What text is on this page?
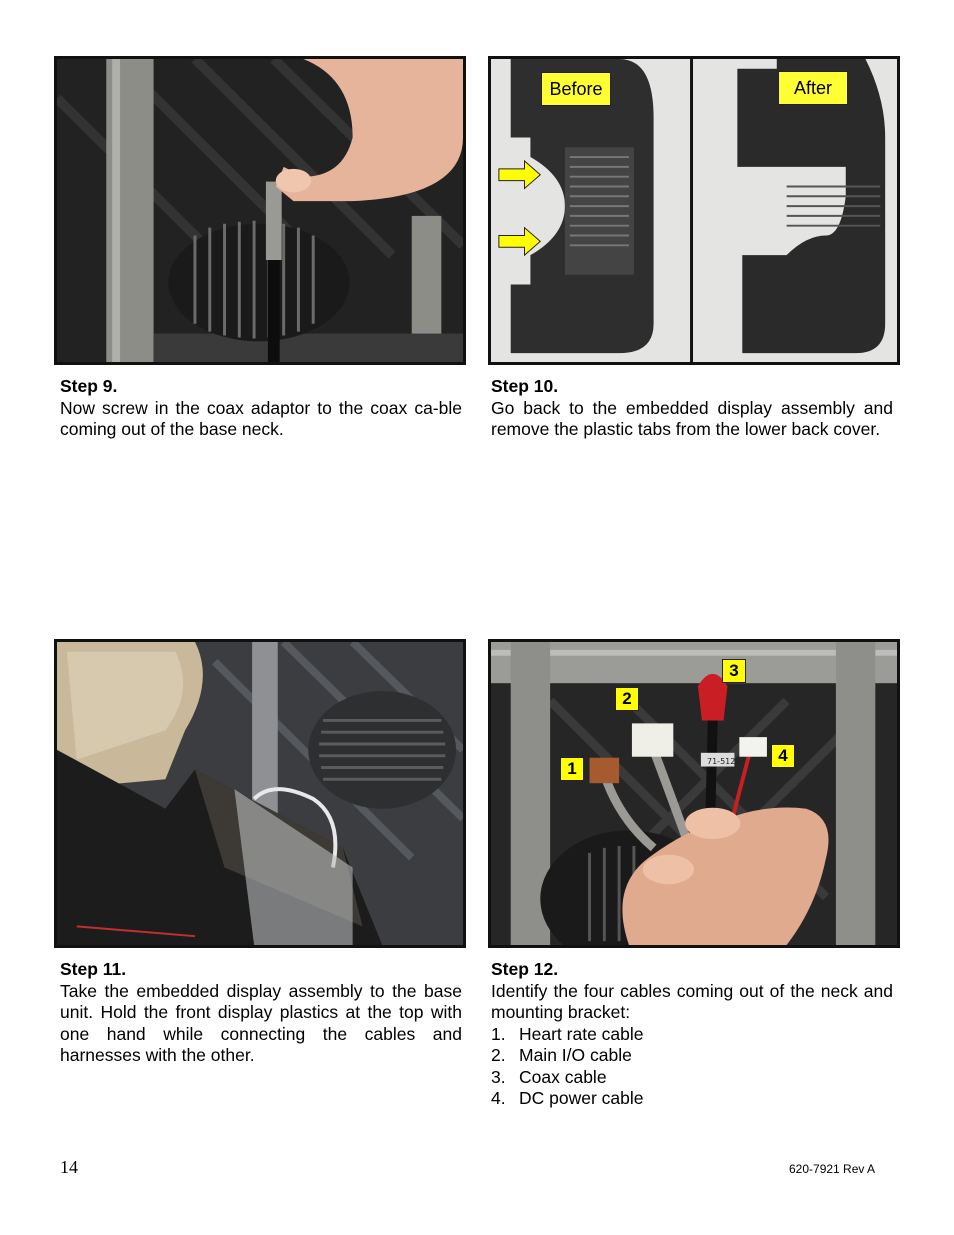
Before	After
1
2
3
4
71-5120
Step 9.

Now screw in the coax adaptor to the coax ca-ble coming out of the base neck.

Step 10.

Go back to the embedded display assembly and remove the plastic tabs from the lower back cover.

Step 11.

Take the embedded display assembly to the base unit. Hold the front display plastics at the top with one hand while connecting the cables and harnesses with the other.

Step 12.

Identify the four cables coming out of the neck and mounting bracket:

1. Heart rate cable
2. Main I/O cable
3. Coax cable
4. DC power cable
14	620-7921 Rev A
